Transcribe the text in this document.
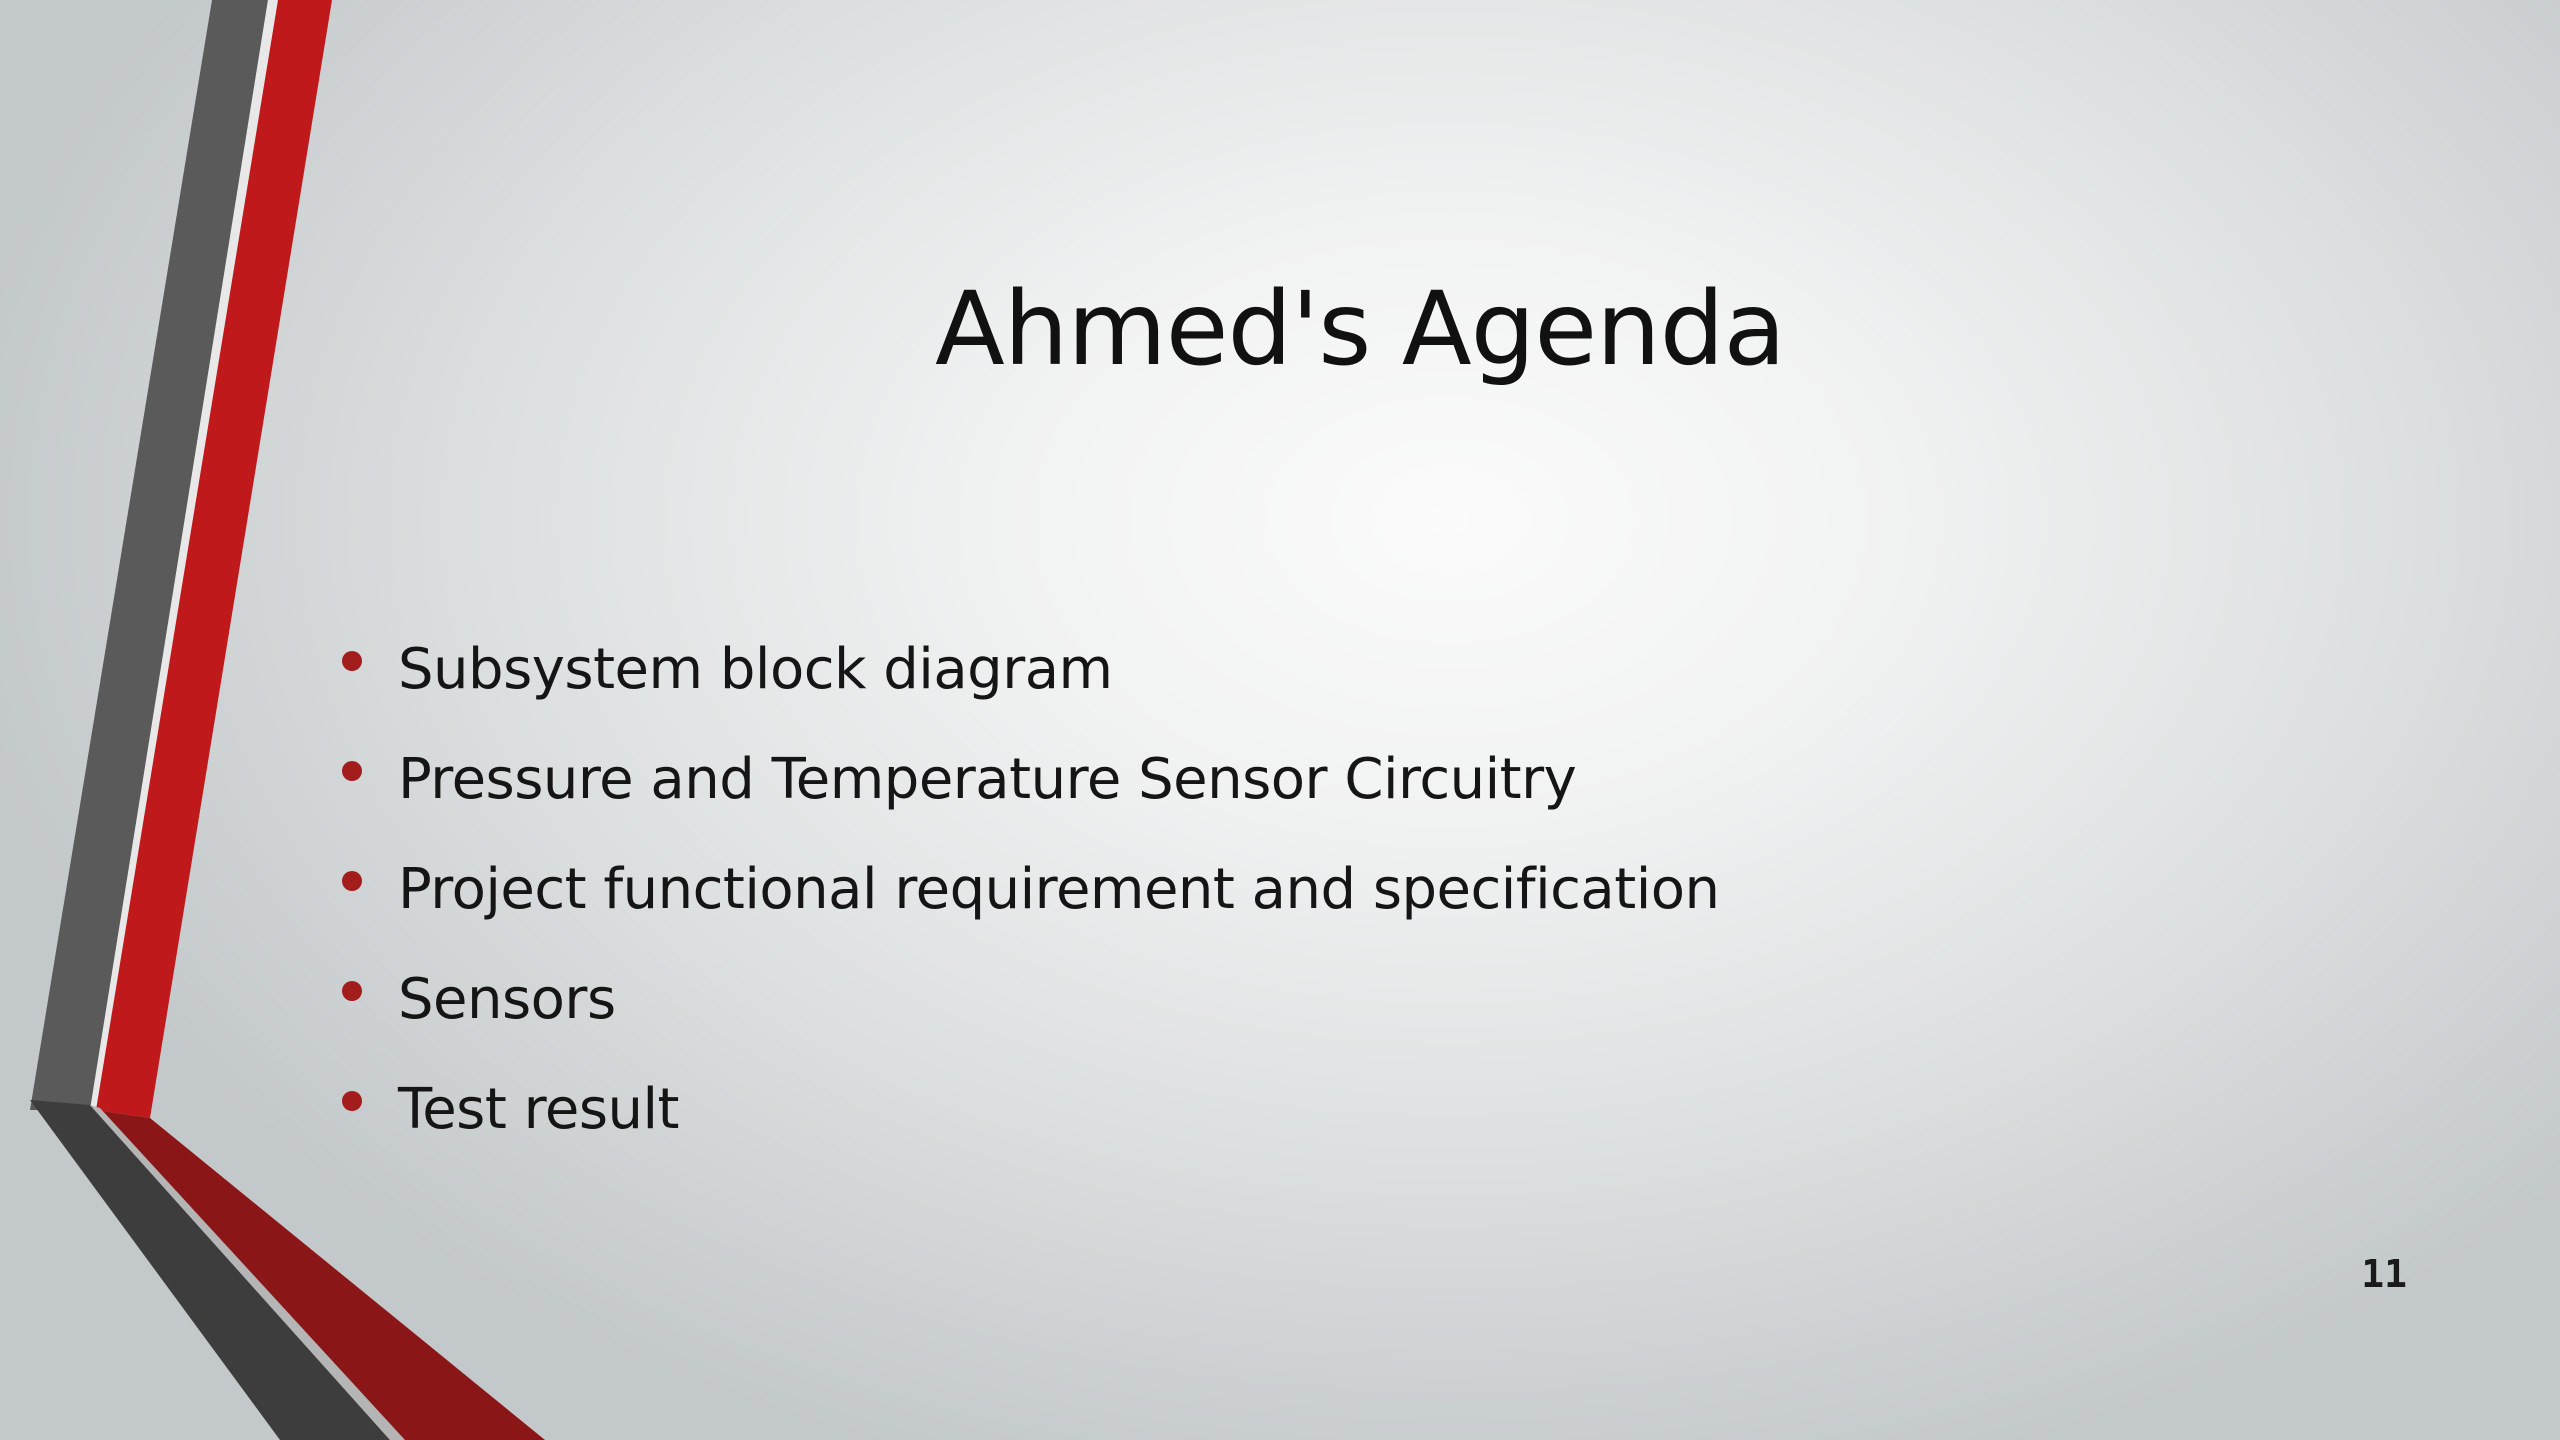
Ahmed's Agenda
Subsystem block diagram
Pressure and Temperature Sensor Circuitry
Project functional requirement and specification
Sensors
Test result
11
